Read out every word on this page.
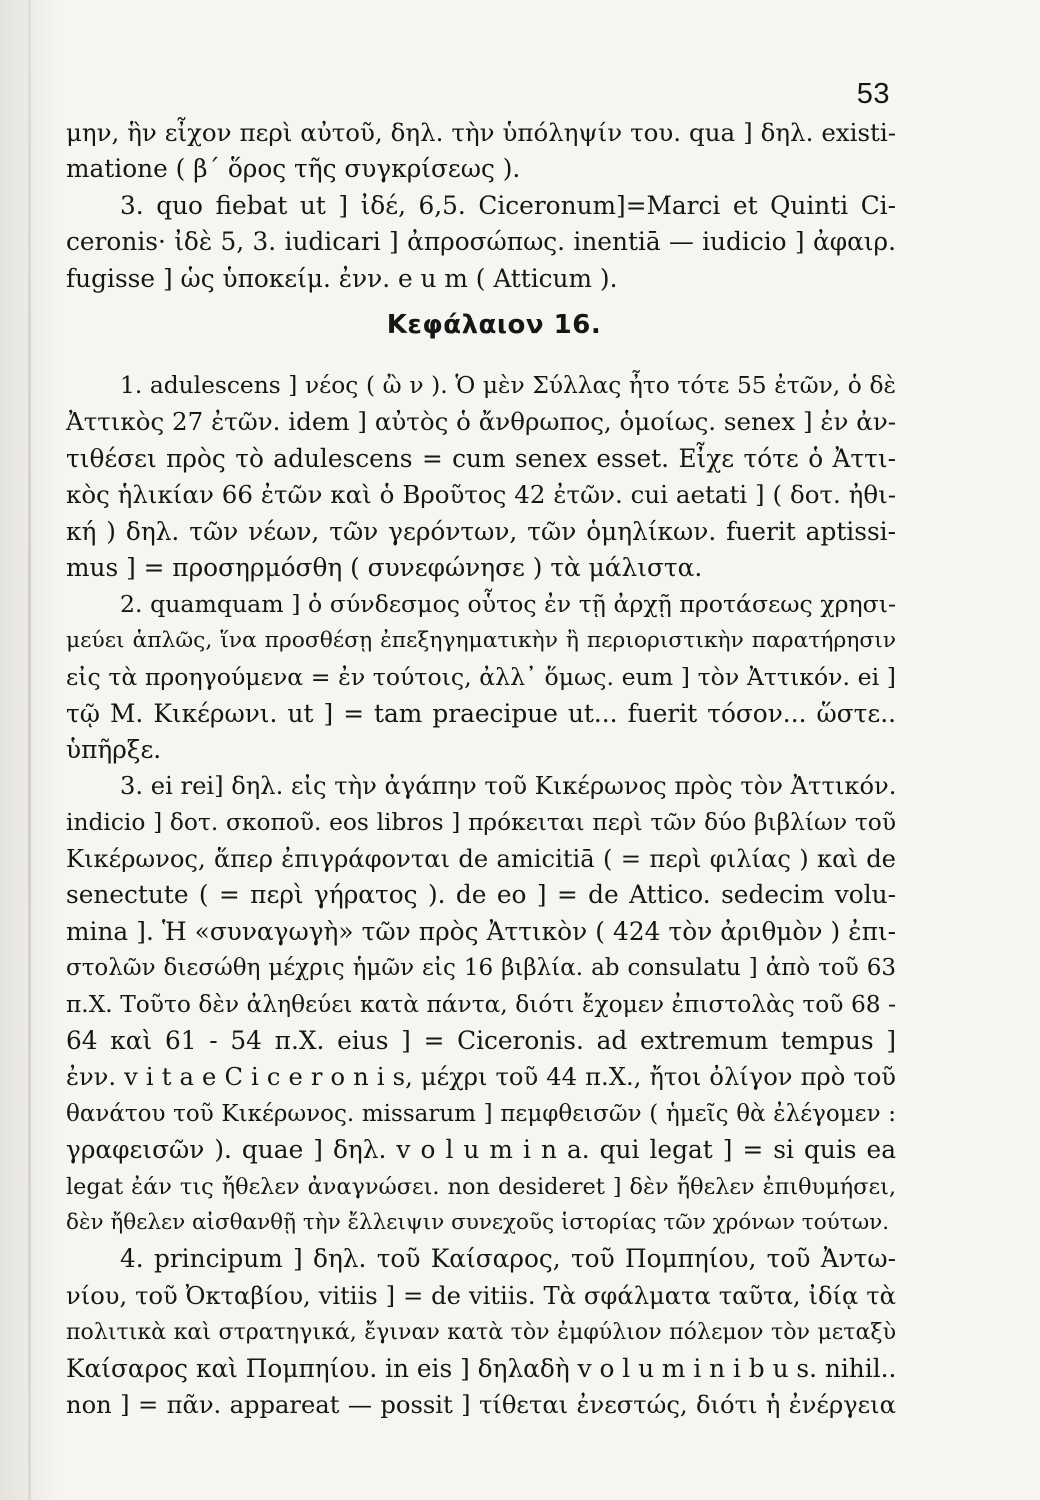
53
μην, ἣν εἶχον περὶ αὐτοῦ, δηλ. τὴν ὑπόληψίν του. qua ] δηλ. existi-
matione ( β΄ ὅρος τῆς συγκρίσεως ).
3. quo fiebat ut ] ἰδέ, 6,5. Ciceronum]=Marci et Quinti Ci-
ceronis· ἰδὲ 5, 3. iudicari ] ἀπροσώπως. inentiā — iudicio ] ἀφαιρ.
fugisse ] ὡς ὑποκείμ. ἐνν. e u m ( Atticum ).
Κεφάλαιον 16.
1. adulescens ] νέος ( ὢ ν ). Ὁ μὲν Σύλλας ἦτο τότε 55 ἐτῶν, ὁ δὲ
Ἀττικὸς 27 ἐτῶν. idem ] αὐτὸς ὁ ἄνθρωπος, ὁμοίως. senex ] ἐν ἀν-
τιθέσει πρὸς τὸ adulescens = cum senex esset. Εἶχε τότε ὁ Ἀττι-
κὸς ἡλικίαν 66 ἐτῶν καὶ ὁ Βροῦτος 42 ἐτῶν. cui aetati ] ( δοτ. ἠθι-
κή ) δηλ. τῶν νέων, τῶν γερόντων, τῶν ὁμηλίκων. fuerit aptissi-
mus ] = προσηρμόσθη ( συνεφώνησε ) τὰ μάλιστα.
2. quamquam ] ὁ σύνδεσμος οὗτος ἐν τῇ ἀρχῇ προτάσεως χρησι-
μεύει ἁπλῶς, ἵνα προσθέσῃ ἐπεξηγηματικὴν ἢ περιοριστικὴν παρατήρησιν
εἰς τὰ προηγούμενα = ἐν τούτοις, ἀλλ᾽ ὅμως. eum ] τὸν Ἀττικόν. ei ]
τῷ M. Κικέρωνι. ut ] = tam praecipue ut... fuerit τόσον... ὥστε..
ὑπῆρξε.
3. ei rei] δηλ. εἰς τὴν ἀγάπην τοῦ Κικέρωνος πρὸς τὸν Ἀττικόν.
indicio ] δοτ. σκοποῦ. eos libros ] πρόκειται περὶ τῶν δύο βιβλίων τοῦ
Κικέρωνος, ἅπερ ἐπιγράφονται de amicitiā ( = περὶ φιλίας ) καὶ de
senectute ( = περὶ γήρατος ). de eo ] = de Attico. sedecim volu-
mina ]. Ἡ «συναγωγὴ» τῶν πρὸς Ἀττικὸν ( 424 τὸν ἀριθμὸν ) ἐπι-
στολῶν διεσώθη μέχρις ἡμῶν εἰς 16 βιβλία. ab consulatu ] ἀπὸ τοῦ 63
π.Χ. Τοῦτο δὲν ἀληθεύει κατὰ πάντα, διότι ἔχομεν ἐπιστολὰς τοῦ 68 -
64 καὶ 61 - 54 π.Χ. eius ] = Ciceronis. ad extremum tempus ]
ἐνν. v i t a e C i c e r o n i s, μέχρι τοῦ 44 π.Χ., ἤτοι ὀλίγον πρὸ τοῦ
θανάτου τοῦ Κικέρωνος. missarum ] πεμφθεισῶν ( ἡμεῖς θὰ ἐλέγομεν :
γραφεισῶν ). quae ] δηλ. v o l u m i n a. qui legat ] = si quis ea
legat ἐάν τις ἤθελεν ἀναγνώσει. non desideret ] δὲν ἤθελεν ἐπιθυμήσει,
δὲν ἤθελεν αἰσθανθῇ τὴν ἔλλειψιν συνεχοῦς ἱστορίας τῶν χρόνων τούτων.
4. principum ] δηλ. τοῦ Καίσαρος, τοῦ Πομπηίου, τοῦ Ἀντω-
νίου, τοῦ Ὀκταβίου, vitiis ] = de vitiis. Τὰ σφάλματα ταῦτα, ἰδίᾳ τὰ
πολιτικὰ καὶ στρατηγικά, ἔγιναν κατὰ τὸν ἐμφύλιον πόλεμον τὸν μεταξὺ
Καίσαρος καὶ Πομπηίου. in eis ] δηλαδὴ v o l u m i n i b u s. nihil..
non ] = πᾶν. appareat — possit ] τίθεται ἐνεστώς, διότι ἡ ἐνέργεια
